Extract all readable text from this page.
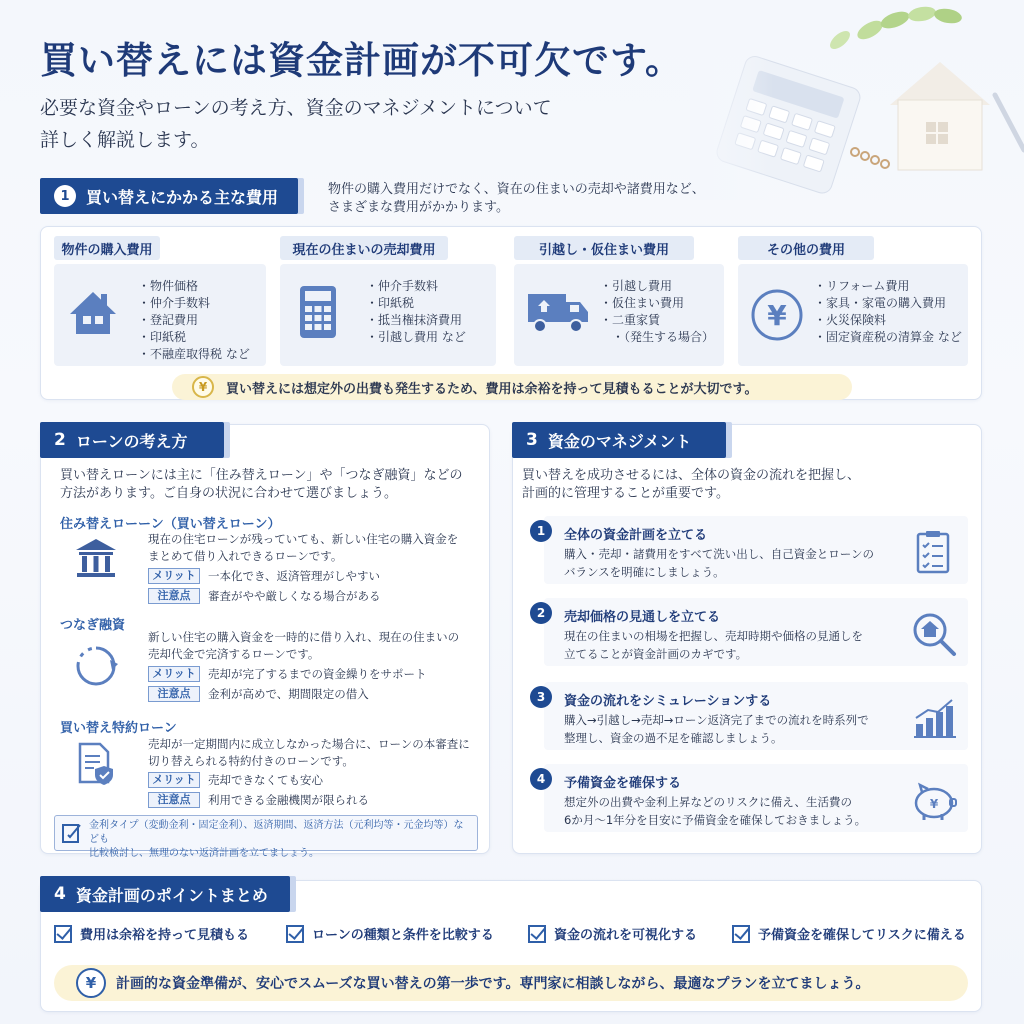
買い替えには資金計画が不可欠です。
必要な資金やローンの考え方、資金のマネジメントについて
詳しく解説します。
1	買い替えにかかる主な費用	物件の購入費用だけでなく、資在の住まいの売却や諸費用など、
さまざまな費用がかかります。
物件の購入費用
・ 物件価格
・ 仲介手数料
・ 登記費用
・ 印紙税
・ 不融産取得税 など
現在の住まいの売却費用
・ 仲介手数料
・ 印紙税
・ 抵当権抹済費用
・ 引越し費用 など
引越し・仮住まい費用
・ 引越し費用
・ 仮住まい費用
・ 二重家賃
・ （発生する場合）
その他の費用
¥
・ リフォーム費用
・ 家具・家電の購入費用
・ 火災保険料
・ 固定資産税の清算金 など
¥	買い替えには想定外の出費も発生するため、費用は余裕を持って見積もることが大切です。
2 ローンの考え方
買い替えローンには主に「住み替えローン」や「つなぎ融資」などの
方法があります。ご自身の状況に合わせて選びましょう。
住み替えローーン（買い替えローン）
現在の住宅ローンが残っていても、新しい住宅の購入資金を
まとめて借り入れできるローンです。
メリット	一本化でき、返済管理がしやすい
注意点	審査がやや厳しくなる場合がある
つなぎ融資
新しい住宅の購入資金を一時的に借り入れ、現在の住まいの
売却代金で完済するローンです。
メリット	売却が完了するまでの資金繰りをサポート
注意点	金利が高めで、期間限定の借入
買い替え特約ローン
売却が一定期間内に成立しなかった場合に、ローンの本審査に
切り替えられる特約付きのローンです。
メリット	売却できなくても安心
注意点	利用できる金融機関が限られる
金利タイプ（変動金利・固定金利）、返済期間、返済方法（元利均等・元金均等）なども
比較検討し、無理のない返済計画を立てましょう。
3 資金のマネジメント
買い替えを成功させるには、全体の資金の流れを把握し、
計画的に管理することが重要です。
1	全体の資金計画を立てる
購入・売却・諸費用をすべて洗い出し、自己資金とローンの
バランスを明確にしましょう。
2	売却価格の見通しを立てる
現在の住まいの相場を把握し、売却時期や価格の見通しを
立てることが資金計画のカギです。
3	資金の流れをシミュレーションする
購入→引越し→売却→ローン返済完了までの流れを時系列で
整理し、資金の過不足を確認しましょう。
4	予備資金を確保する
想定外の出費や金利上昇などのリスクに備え、生活費の
6か月〜1年分を目安に予備資金を確保しておきましょう。
¥
4 資金計画のポイントまとめ
費用は余裕を持って見積もる	ローンの種類と条件を比較する	資金の流れを可視化する	予備資金を確保してリスクに備える
¥	計画的な資金準備が、安心でスムーズな買い替えの第一歩です。専門家に相談しながら、最適なプランを立てましょう。
